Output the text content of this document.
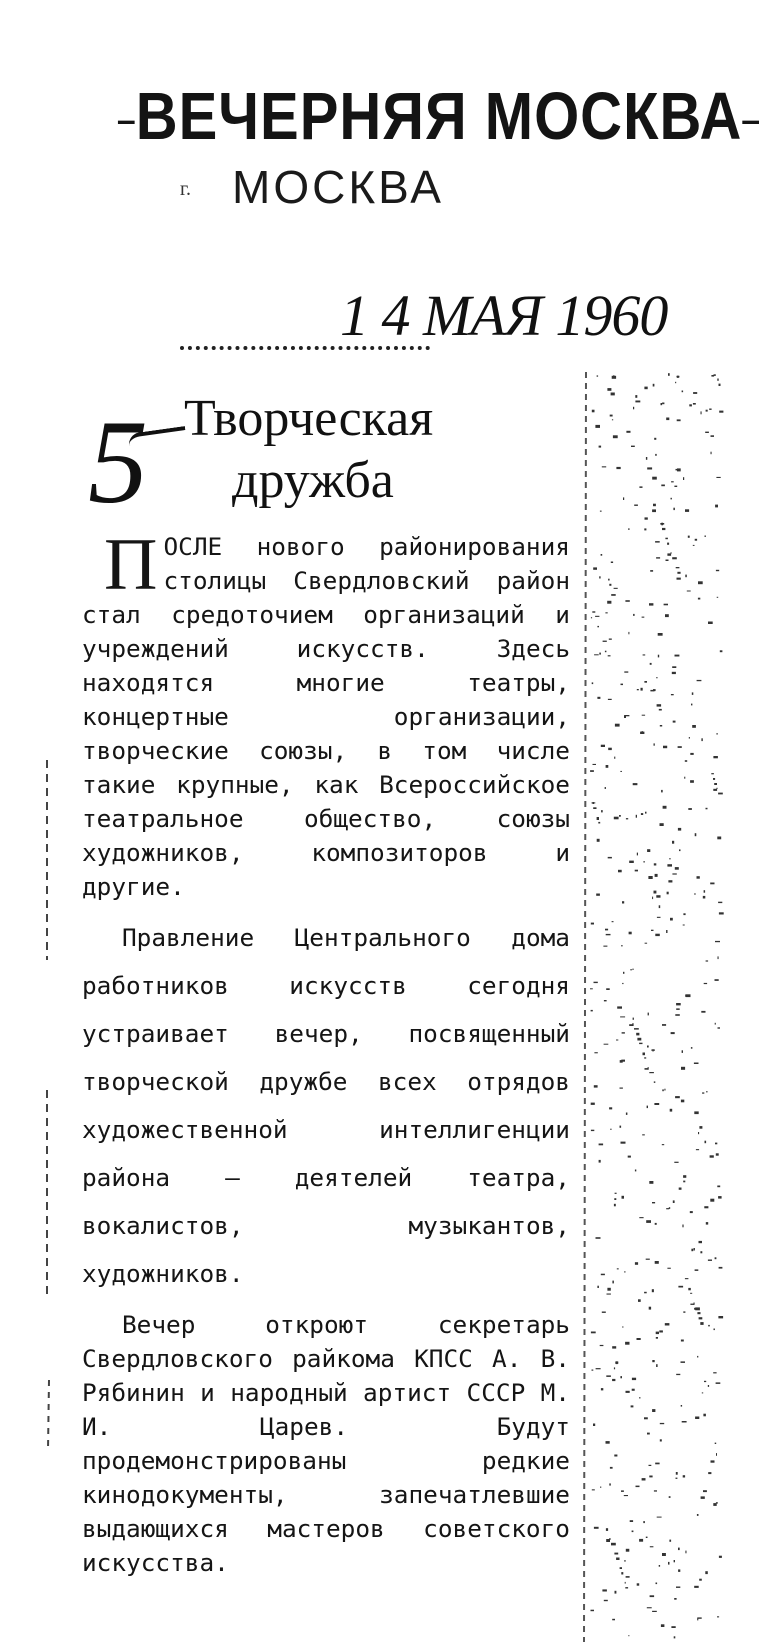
‒ВЕЧЕРНЯЯ МОСКВА‒
г. МОСКВА
1 4 МАЯ 1960
5 Творческая
дружба

ПОСЛЕ нового районирования столицы Свердловский район стал средоточием организаций и учреждений искусств. Здесь находятся многие театры, концертные организации, творческие союзы, в том числе такие крупные, как Всероссийское театральное общество, союзы художников, композиторов и другие.

Правление Центрального дома работников искусств сегодня устраивает вечер, посвященный творческой дружбе всех отрядов художественной интеллигенции района — деятелей театра, вокалистов, музыкантов, художников.

Вечер откроют секретарь Свердловского райкома КПСС А. В. Рябинин и народный артист СССР М. И. Царев. Будут продемонстрированы редкие кинодокументы, запечатлевшие выдающихся мастеров советского искусства.
